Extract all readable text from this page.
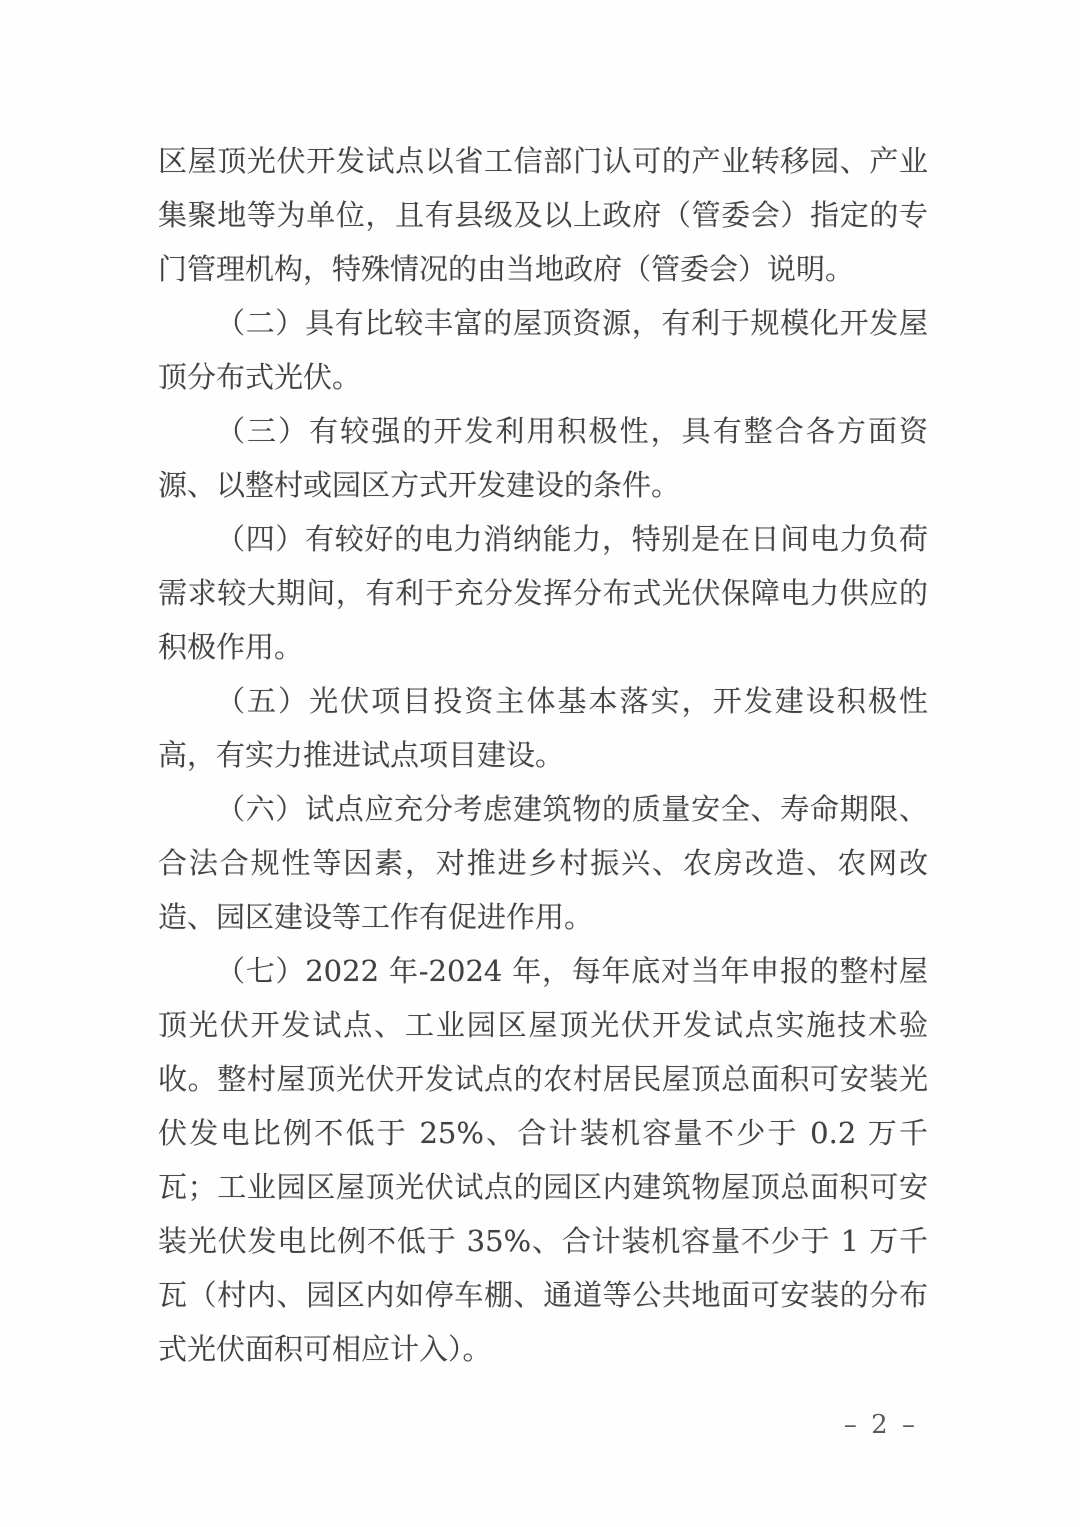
区屋顶光伏开发试点以省工信部门认可的产业转移园、产业集聚地等为单位，且有县级及以上政府（管委会）指定的专门管理机构，特殊情况的由当地政府（管委会）说明。

（二）具有比较丰富的屋顶资源，有利于规模化开发屋顶分布式光伏。

（三）有较强的开发利用积极性，具有整合各方面资源、以整村或园区方式开发建设的条件。

（四）有较好的电力消纳能力，特别是在日间电力负荷需求较大期间，有利于充分发挥分布式光伏保障电力供应的积极作用。

（五）光伏项目投资主体基本落实，开发建设积极性高，有实力推进试点项目建设。

（六）试点应充分考虑建筑物的质量安全、寿命期限、合法合规性等因素，对推进乡村振兴、农房改造、农网改造、园区建设等工作有促进作用。

（七）2022 年-2024 年，每年底对当年申报的整村屋顶光伏开发试点、工业园区屋顶光伏开发试点实施技术验收。整村屋顶光伏开发试点的农村居民屋顶总面积可安装光伏发电比例不低于 25%、合计装机容量不少于 0.2 万千瓦；工业园区屋顶光伏试点的园区内建筑物屋顶总面积可安装光伏发电比例不低于 35%、合计装机容量不少于 1 万千瓦（村内、园区内如停车棚、通道等公共地面可安装的分布式光伏面积可相应计入）。

– 2 –
